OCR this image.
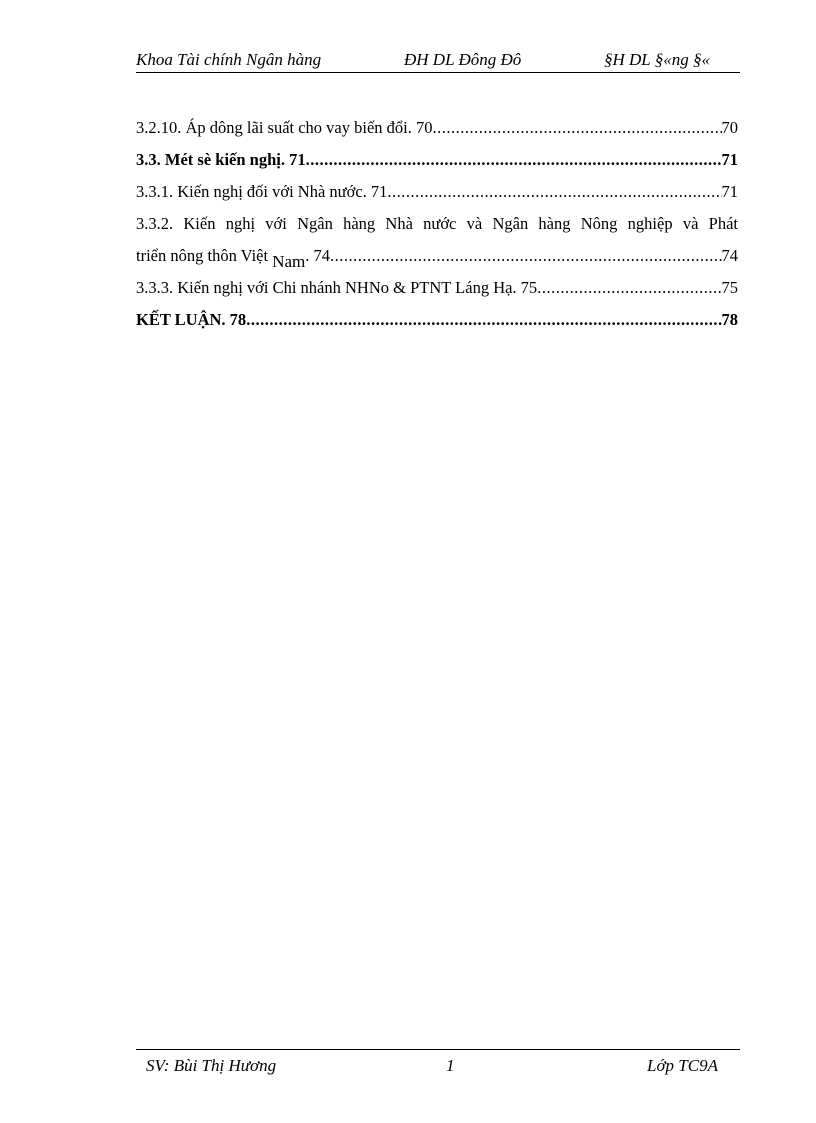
Khoa Tài chính Ngân hàng	ĐH DL Đông Đô	§H DL §«ng §«
3.2.10. Áp dông lãi suất cho vay biến đổi. 70 .....	70
3.3. Mét sè kiến nghị. 71 .....	71
3.3.1. Kiến nghị đối với Nhà nước. 71 .....	71
3.3.2. Kiến nghị với Ngân hàng Nhà nước và Ngân hàng Nông nghiệp và Phát
triển nông thôn Việt Nam. 74 .....	74
3.3.3. Kiến nghị với Chi nhánh NHNo & PTNT Láng Hạ. 75 .....	75
KẾT LUẬN. 78 .....	78
SV: Bùi Thị Hương	1	Lớp TC9A
